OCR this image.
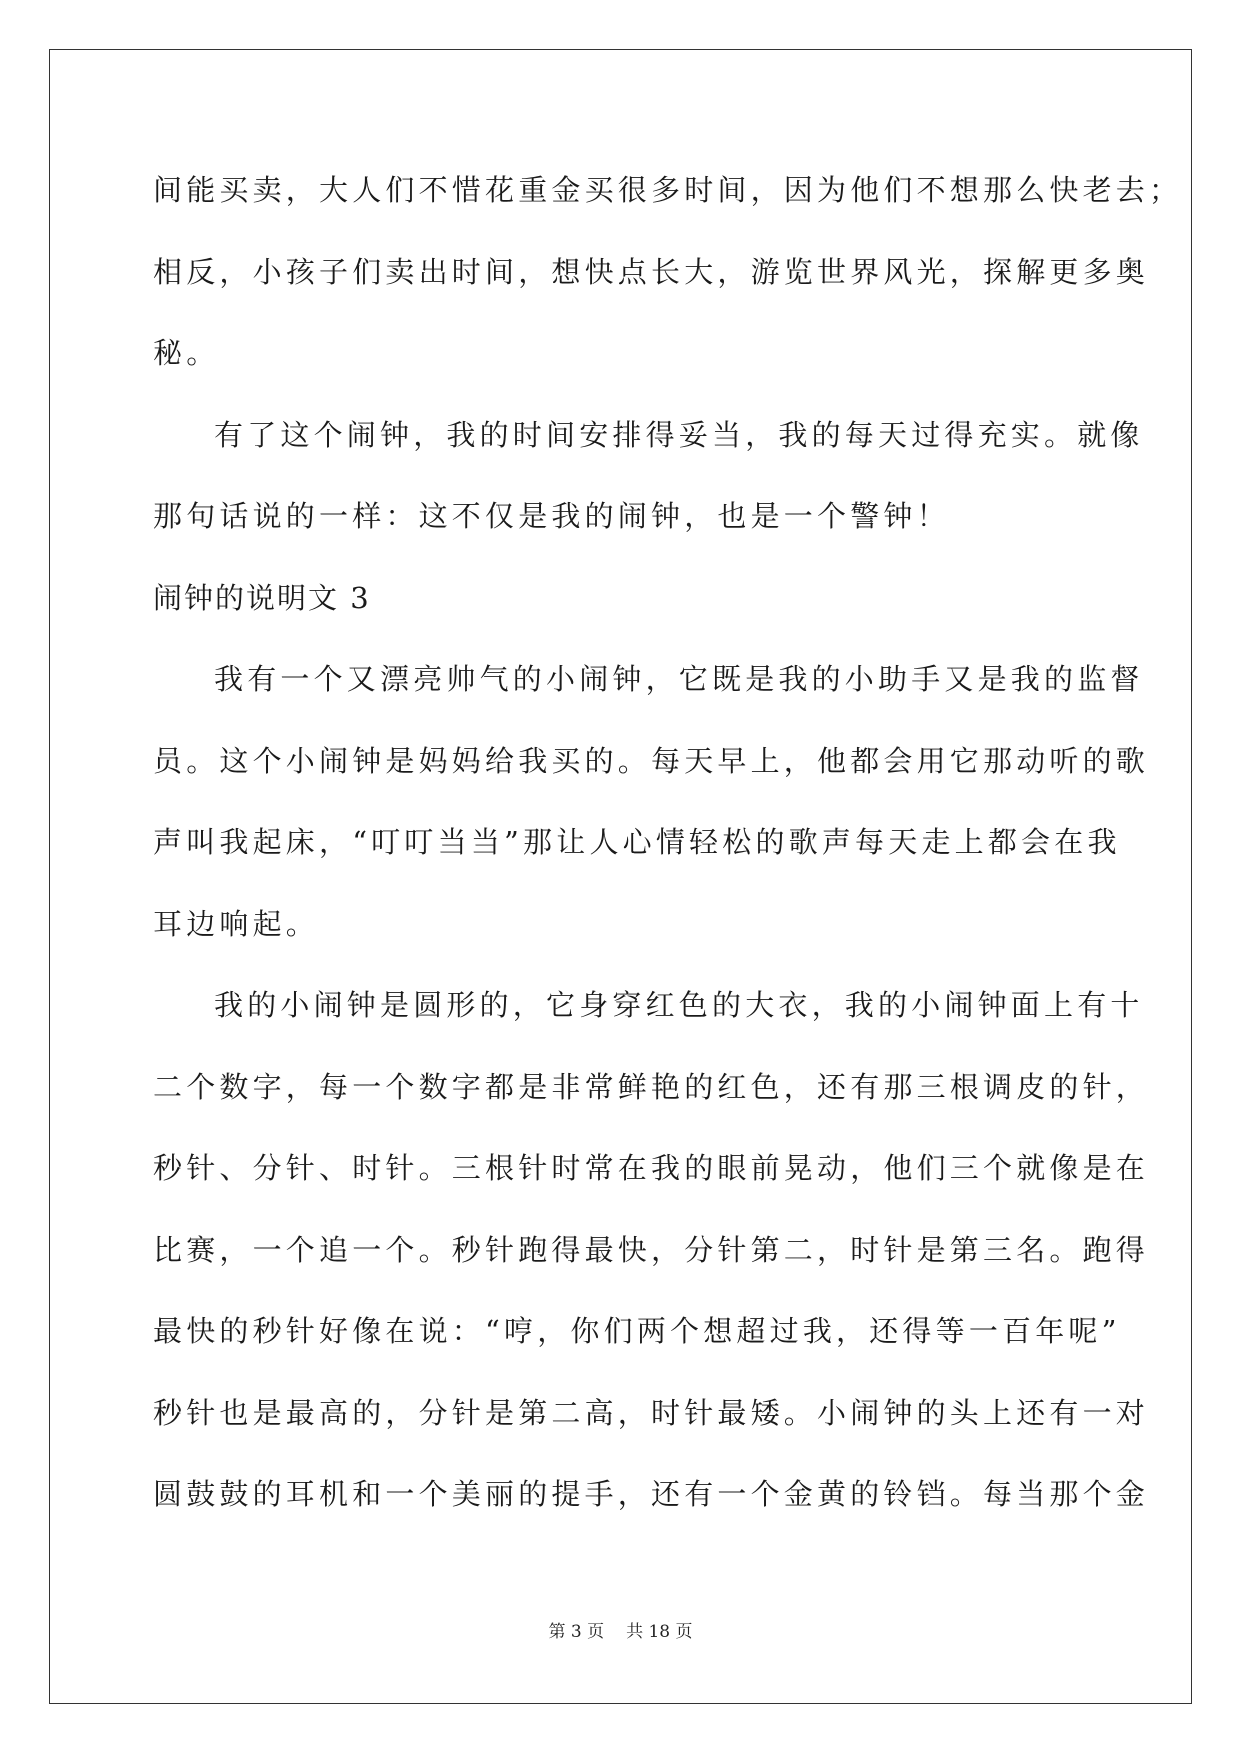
间能买卖，大人们不惜花重金买很多时间，因为他们不想那么快老去；
相反，小孩子们卖出时间，想快点长大，游览世界风光，探解更多奥
秘。
有了这个闹钟，我的时间安排得妥当，我的每天过得充实。就像
那句话说的一样：这不仅是我的闹钟，也是一个警钟！
闹钟的说明文 3
我有一个又漂亮帅气的小闹钟，它既是我的小助手又是我的监督
员。这个小闹钟是妈妈给我买的。每天早上，他都会用它那动听的歌
声叫我起床，“叮叮当当”那让人心情轻松的歌声每天走上都会在我
耳边响起。
我的小闹钟是圆形的，它身穿红色的大衣，我的小闹钟面上有十
二个数字，每一个数字都是非常鲜艳的红色，还有那三根调皮的针，
秒针、分针、时针。三根针时常在我的眼前晃动，他们三个就像是在
比赛，一个追一个。秒针跑得最快，分针第二，时针是第三名。跑得
最快的秒针好像在说：“哼，你们两个想超过我，还得等一百年呢”
秒针也是最高的，分针是第二高，时针最矮。小闹钟的头上还有一对
圆鼓鼓的耳机和一个美丽的提手，还有一个金黄的铃铛。每当那个金
第 3 页 共 18 页
